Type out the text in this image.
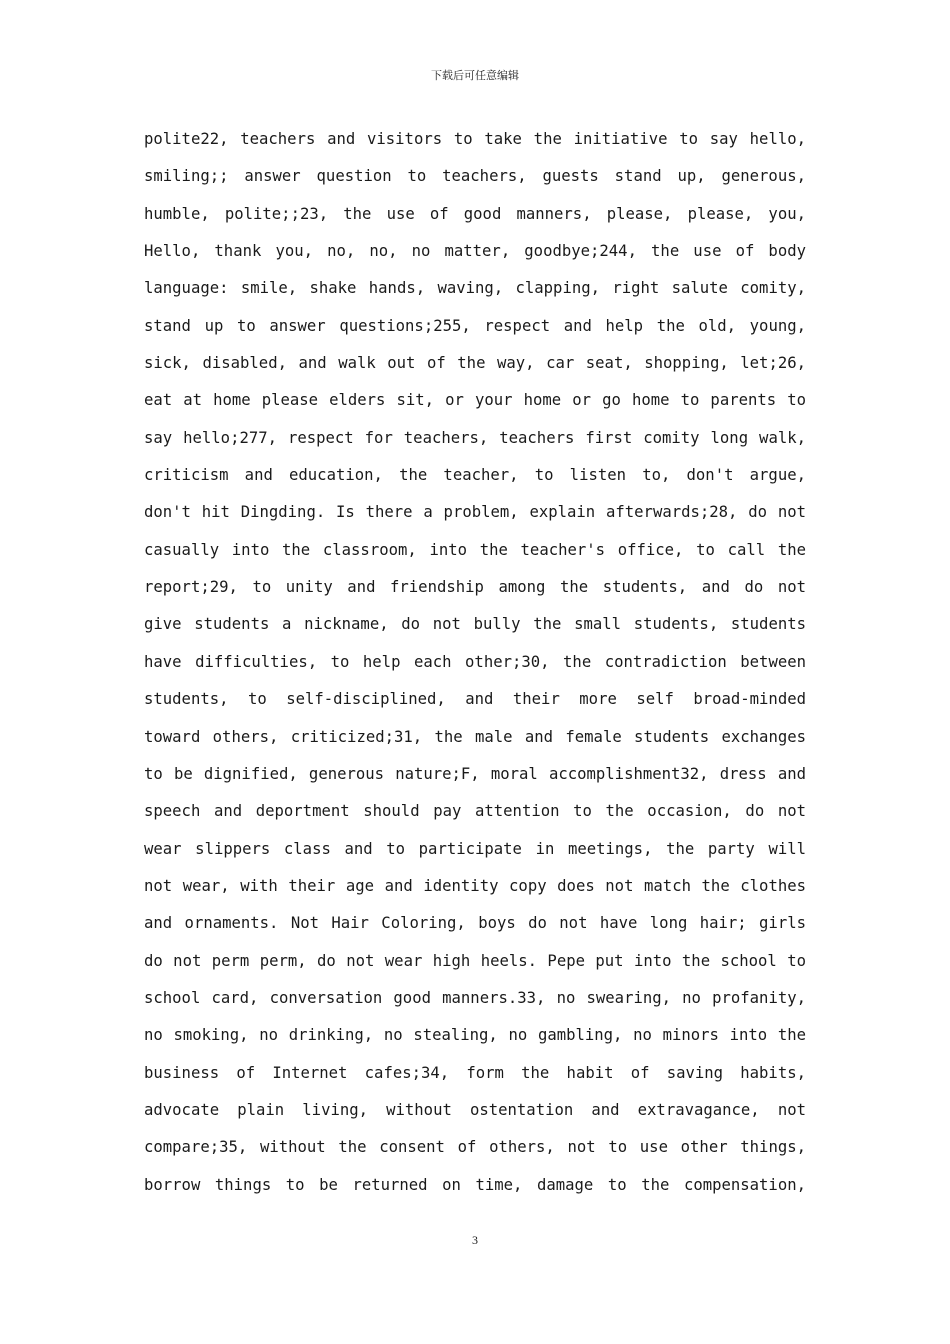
下载后可任意编辑
polite22, teachers and visitors to take the initiative to say hello,
smiling;; answer question to teachers, guests stand up, generous,
humble, polite;;23, the use of good manners, please, please, you,
Hello, thank you, no, no, no matter, goodbye;244, the use of body
language: smile, shake hands, waving, clapping, right salute comity,
stand up to answer questions;255, respect and help the old, young,
sick, disabled, and walk out of the way, car seat, shopping, let;26,
eat at home please elders sit, or your home or go home to parents to
say hello;277, respect for teachers, teachers first comity long walk,
criticism and education, the teacher, to listen to, don't argue,
don't hit Dingding. Is there a problem, explain afterwards;28, do not
casually into the classroom, into the teacher's office, to call the
report;29, to unity and friendship among the students, and do not
give students a nickname, do not bully the small students, students
have difficulties, to help each other;30, the contradiction between
students, to self-disciplined, and their more self broad-minded
toward others, criticized;31, the male and female students exchanges
to be dignified, generous nature;F, moral accomplishment32, dress and
speech and deportment should pay attention to the occasion, do not
wear slippers class and to participate in meetings, the party will
not wear, with their age and identity copy does not match the clothes
and ornaments. Not Hair Coloring, boys do not have long hair; girls
do not perm perm, do not wear high heels. Pepe put into the school to
school card, conversation good manners.33, no swearing, no profanity,
no smoking, no drinking, no stealing, no gambling, no minors into the
business of Internet cafes;34, form the habit of saving habits,
advocate plain living, without ostentation and extravagance, not
compare;35, without the consent of others, not to use other things,
borrow things to be returned on time, damage to the compensation,
3
